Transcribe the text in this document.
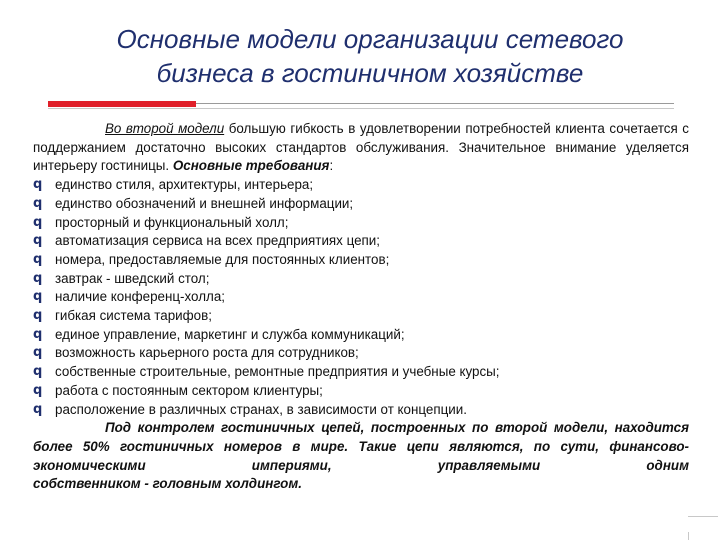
Основные модели организации сетевого
бизнеса в гостиничном хозяйстве

Во второй модели большую гибкость в удовлетворении потребностей клиента сочетается с поддержанием достаточно высоких стандартов обслуживания. Значительное внимание уделяется интерьеру гостиницы. Основные требования:

q единство стиля, архитектуры, интерьера;
q единство обозначений и внешней информации;
q просторный и функциональный холл;
q автоматизация сервиса на всех предприятиях цепи;
q номера, предоставляемые для постоянных клиентов;
q завтрак - шведский стол;
q наличие конференц-холла;
q гибкая система тарифов;
q единое управление, маркетинг и служба коммуникаций;
q возможность карьерного роста для сотрудников;
q собственные строительные, ремонтные предприятия и учебные курсы;
q работа с постоянным сектором клиентуры;
q расположение в различных странах, в зависимости от концепции.

Под контролем гостиничных цепей, построенных по второй модели, находится более 50% гостиничных номеров в мире. Такие цепи являются, по сути, финансово-экономическими империями, управляемыми одним

собственником - головным холдингом.
